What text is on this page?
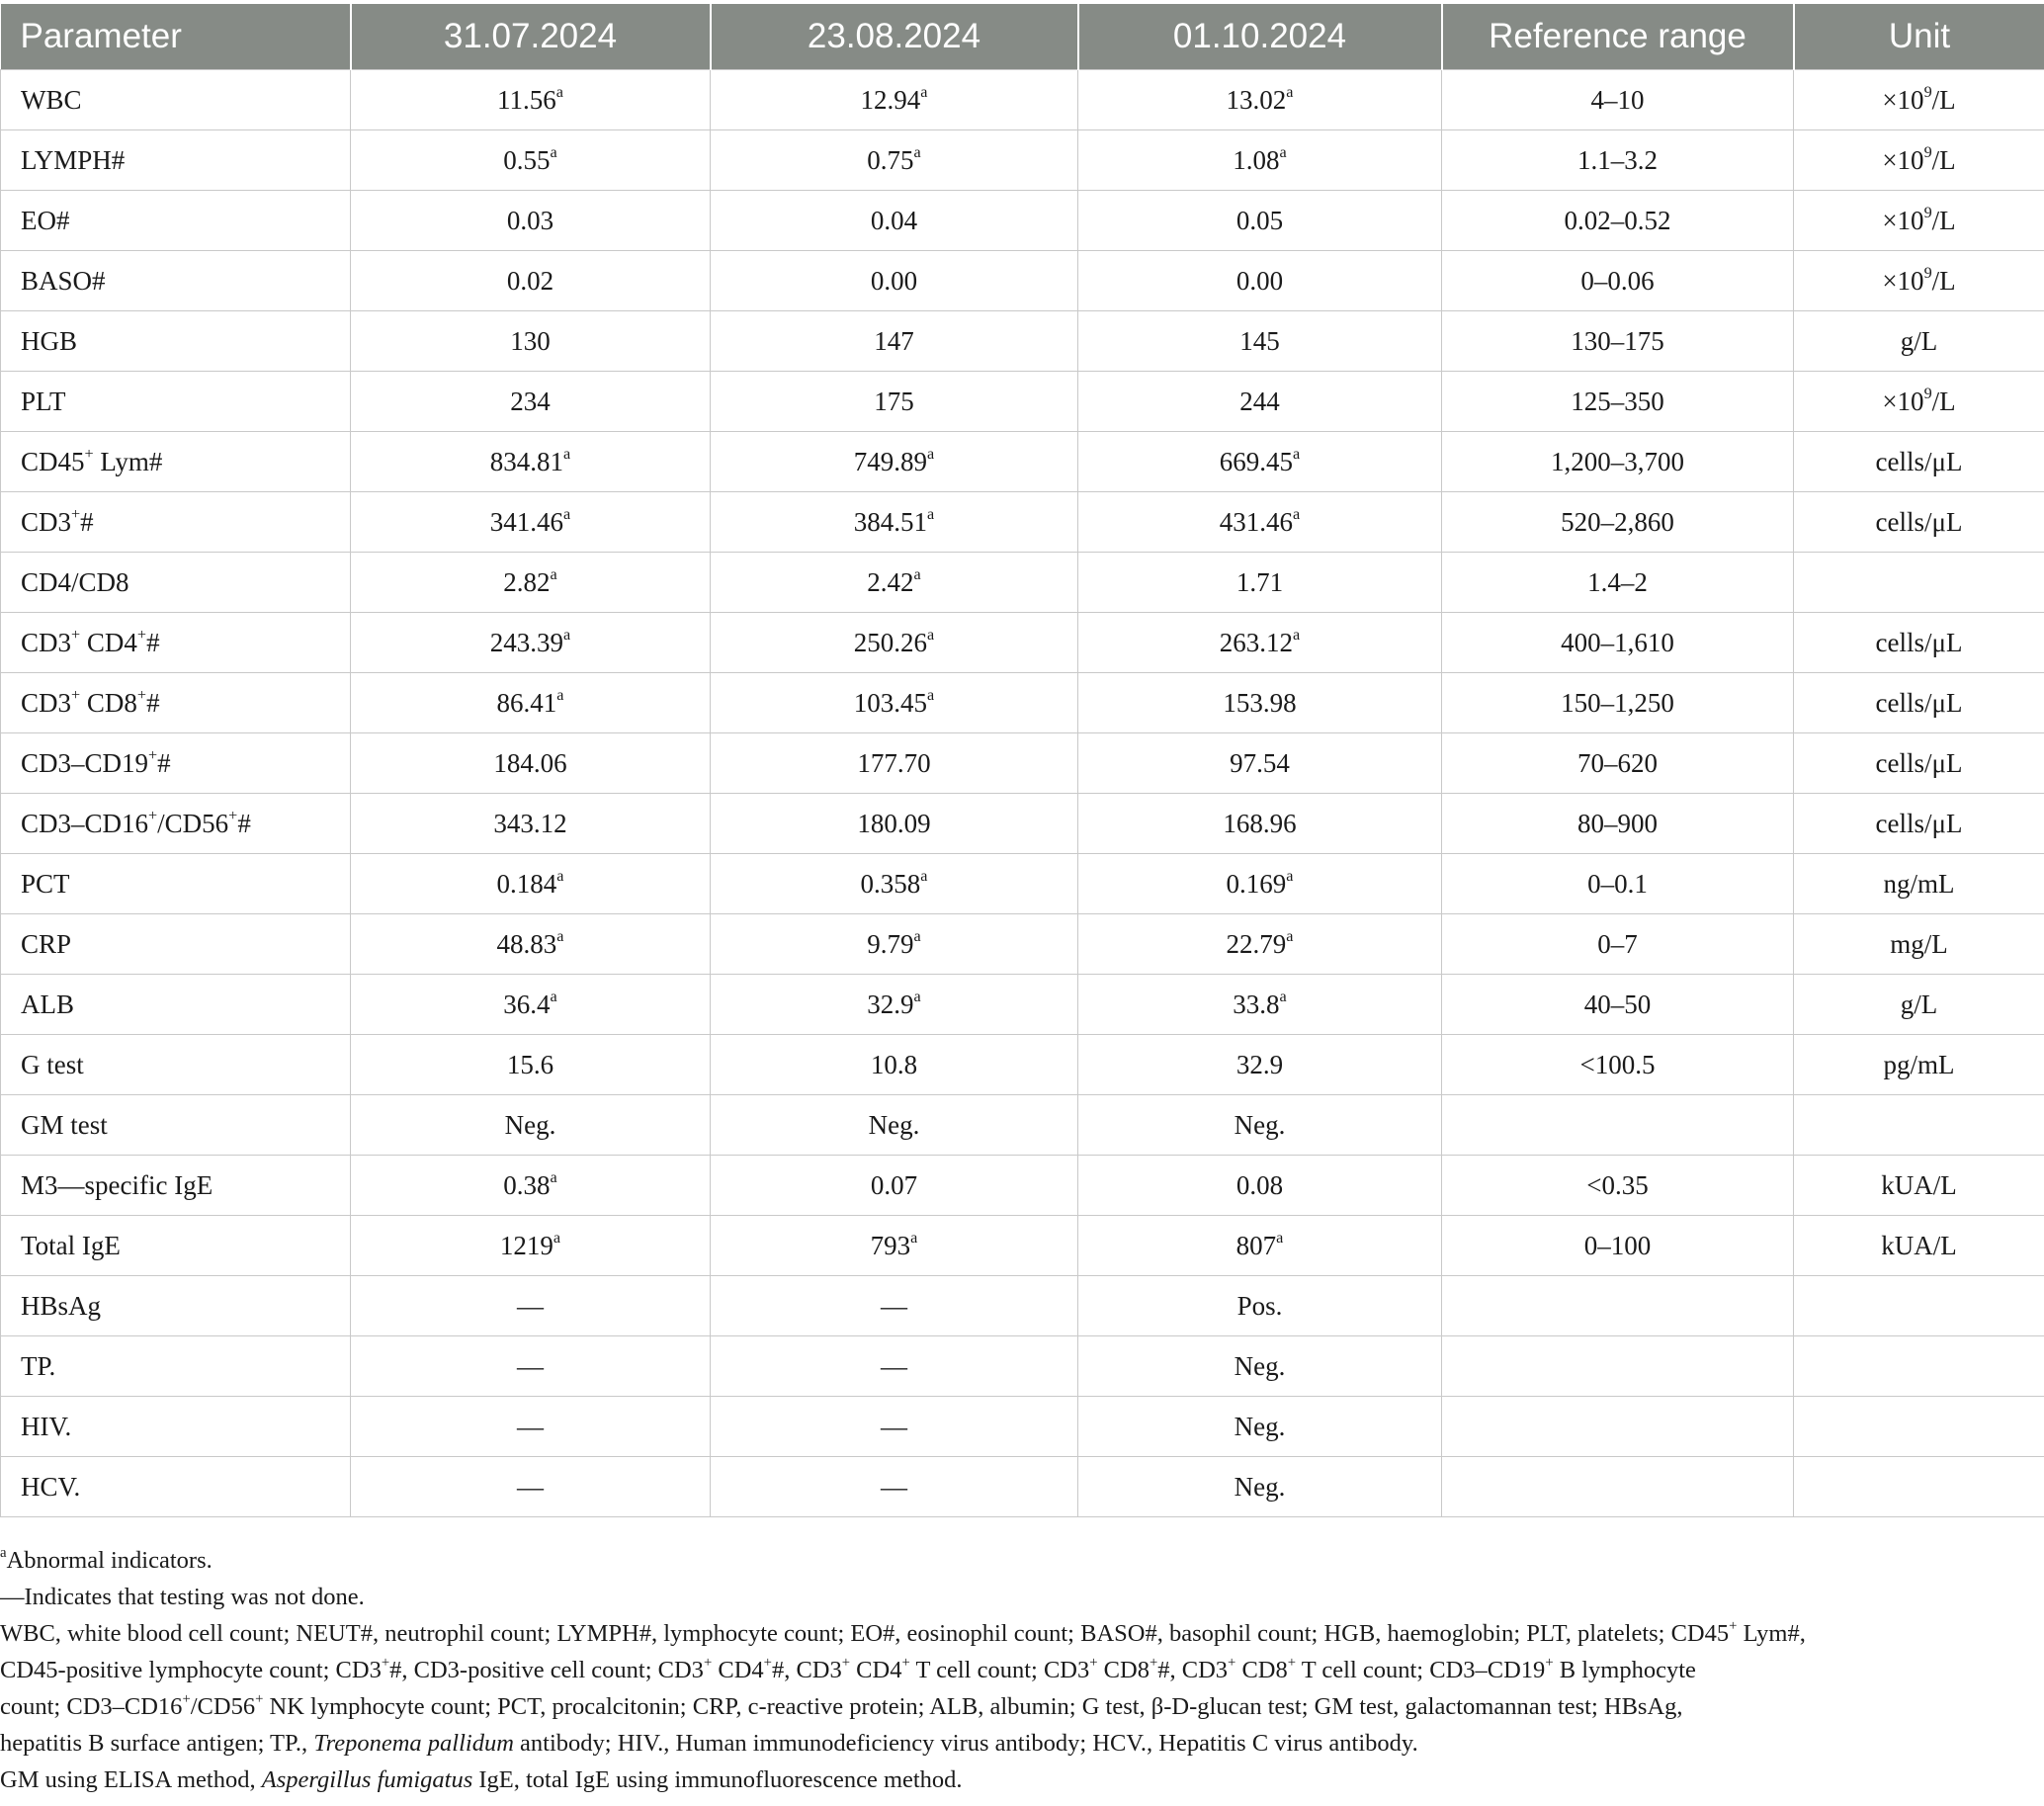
Parameter	31.07.2024	23.08.2024	01.10.2024	Reference range	Unit
WBC	11.56$^a$	12.94$^a$	13.02$^a$	4–10	$\times 10^9/L$
LYMPH#	0.55$^a$	0.75$^a$	1.08$^a$	1.1–3.2	$\times 10^9/L$
EO#	0.03	0.04	0.05	0.02–0.52	$\times 10^9/L$
BASO#	0.02	0.00	0.00	0–0.06	$\times 10^9/L$
HGB	130	147	145	130–175	g/L
PLT	234	175	244	125–350	$\times 10^9/L$
CD45+ Lym#	834.81$^a$	749.89$^a$	669.45$^a$	1,200–3,700	cells/μL
CD3+#	341.46$^a$	384.51$^a$	431.46$^a$	520–2,860	cells/μL
CD4/CD8	2.82$^a$	2.42$^a$	1.71	1.4–2	
CD3+ CD4+#	243.39$^a$	250.26$^a$	263.12$^a$	400–1,610	cells/μL
CD3+ CD8+#	86.41$^a$	103.45$^a$	153.98	150–1,250	cells/μL
CD3–CD19+#	184.06	177.70	97.54	70–620	cells/μL
CD3–CD16+/CD56+#	343.12	180.09	168.96	80–900	cells/μL
PCT	0.184$^a$	0.358$^a$	0.169$^a$	0–0.1	ng/mL
CRP	48.83$^a$	9.79$^a$	22.79$^a$	0–7	mg/L
ALB	36.4$^a$	32.9$^a$	33.8$^a$	40–50	g/L
G test	15.6	10.8	32.9	<100.5	pg/mL
GM test	Neg.	Neg.	Neg.		
M3—specific IgE	0.38$^a$	0.07	0.08	<0.35	kUA/L
Total IgE	1219$^a$	793$^a$	807$^a$	0–100	kUA/L
HBsAg	—	—	Pos.		
TP.	—	—	Neg.		
HIV.	—	—	Neg.		
HCV.	—	—	Neg.		

$^a$Abnormal indicators.

—Indicates that testing was not done.

WBC, white blood cell count; NEUT#, neutrophil count; LYMPH#, lymphocyte count; EO#, eosinophil count; BASO#, basophil count; HGB, haemoglobin; PLT, platelets; CD45+ Lym#,
CD45-positive lymphocyte count; CD3+#, CD3-positive cell count; CD3+ CD4+#, CD3+ CD4+ T cell count; CD3+ CD8+#, CD3+ CD8+ T cell count; CD3–CD19+ B lymphocyte
count; CD3–CD16+/CD56+ NK lymphocyte count; PCT, procalcitonin; CRP, c-reactive protein; ALB, albumin; G test, β-D-glucan test; GM test, galactomannan test; HBsAg,
hepatitis B surface antigen; TP., Treponema pallidum antibody; HIV., Human immunodeficiency virus antibody; HCV., Hepatitis C virus antibody.

GM using ELISA method, Aspergillus fumigatus IgE, total IgE using immunofluorescence method.
